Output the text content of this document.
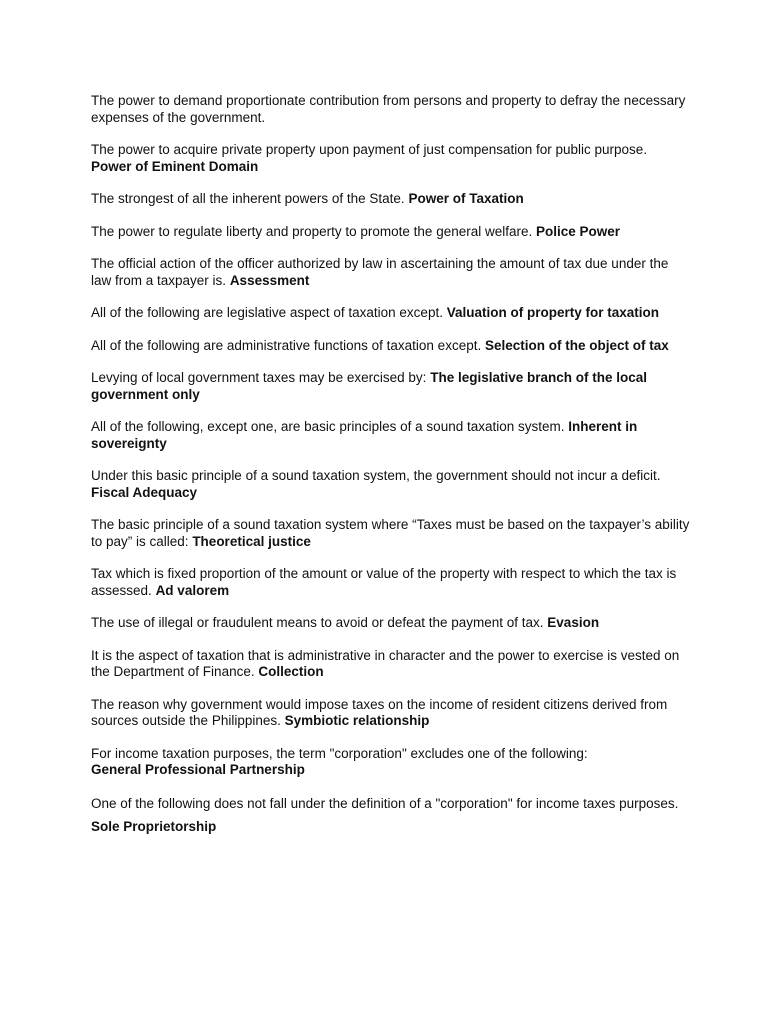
The power to demand proportionate contribution from persons and property to defray the necessary expenses of the government.

The power to acquire private property upon payment of just compensation for public purpose.
Power of Eminent Domain

The strongest of all the inherent powers of the State. Power of Taxation

The power to regulate liberty and property to promote the general welfare. Police Power

The official action of the officer authorized by law in ascertaining the amount of tax due under the law from a taxpayer is. Assessment

All of the following are legislative aspect of taxation except. Valuation of property for taxation

All of the following are administrative functions of taxation except. Selection of the object of tax

Levying of local government taxes may be exercised by: The legislative branch of the local government only

All of the following, except one, are basic principles of a sound taxation system. Inherent in sovereignty

Under this basic principle of a sound taxation system, the government should not incur a deficit. Fiscal Adequacy

The basic principle of a sound taxation system where “Taxes must be based on the taxpayer’s ability to pay” is called: Theoretical justice

Tax which is fixed proportion of the amount or value of the property with respect to which the tax is assessed. Ad valorem

The use of illegal or fraudulent means to avoid or defeat the payment of tax. Evasion

It is the aspect of taxation that is administrative in character and the power to exercise is vested on the Department of Finance. Collection

The reason why government would impose taxes on the income of resident citizens derived from sources outside the Philippines. Symbiotic relationship

For income taxation purposes, the term "corporation" excludes one of the following:
General Professional Partnership

One of the following does not fall under the definition of a "corporation" for income taxes purposes. Sole Proprietorship
